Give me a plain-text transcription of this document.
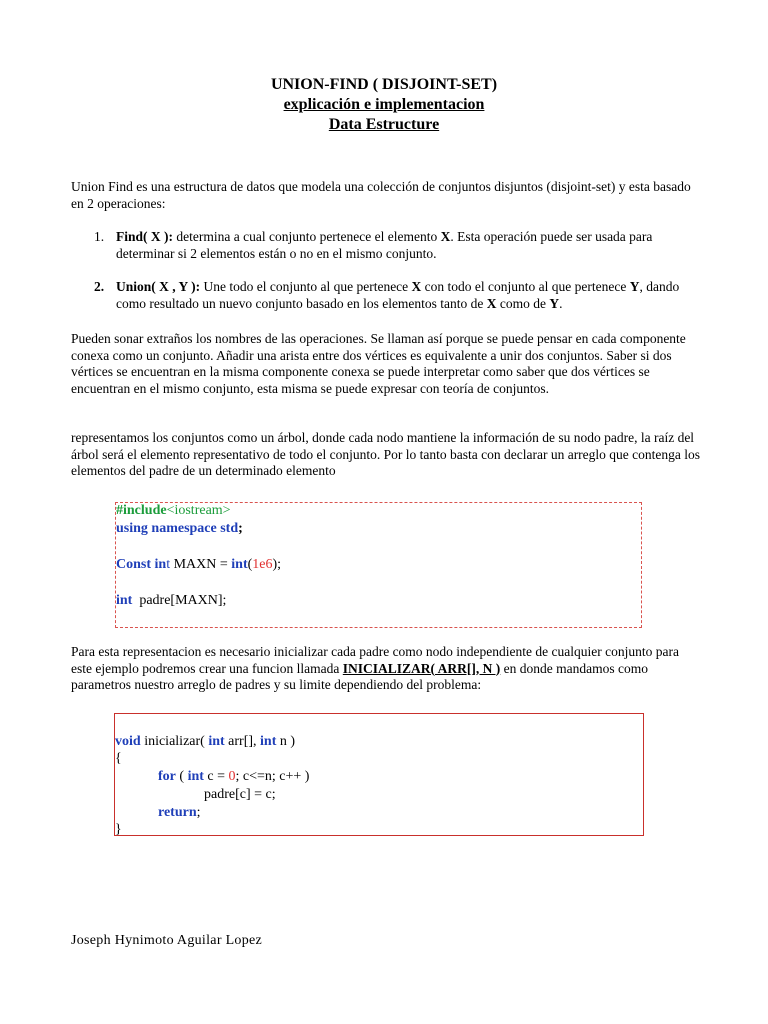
UNION-FIND ( DISJOINT-SET)
explicación e implementacion
Data Estructure

Union Find es una estructura de datos que modela una colección de conjuntos disjuntos (disjoint-set) y esta basado en 2 operaciones:

1. Find( X ): determina a cual conjunto pertenece el elemento X. Esta operación puede ser usada para determinar si 2 elementos están o no en el mismo conjunto.
2. Union( X , Y ): Une todo el conjunto al que pertenece X con todo el conjunto al que pertenece Y, dando como resultado un nuevo conjunto basado en los elementos tanto de X como de Y.

Pueden sonar extraños los nombres de las operaciones. Se llaman así porque se puede pensar en cada componente conexa como un conjunto. Añadir una arista entre dos vértices es equivalente a unir dos conjuntos. Saber si dos vértices se encuentran en la misma componente conexa se puede interpretar como saber que dos vértices se encuentran en el mismo conjunto, esta misma se puede expresar con teoría de conjuntos.

representamos los conjuntos como un árbol, donde cada nodo mantiene la información de su nodo padre, la raíz del árbol será el elemento representativo de todo el conjunto. Por lo tanto basta con declarar un arreglo que contenga los elementos del padre de un determinado elemento

#include<iostream>
using namespace std;
Const int MAXN = int(1e6);
int  padre[MAXN];

Para esta representacion es necesario inicializar cada padre como nodo independiente de cualquier conjunto para este ejemplo podremos crear una funcion llamada INICIALIZAR( ARR[], N ) en donde mandamos como parametros nuestro arreglo de padres y su limite dependiendo del problema:

void inicializar( int arr[], int n )
{
for ( int c = 0; c<=n; c++ )
padre[c] = c;
return;
}
Joseph Hynimoto Aguilar Lopez
